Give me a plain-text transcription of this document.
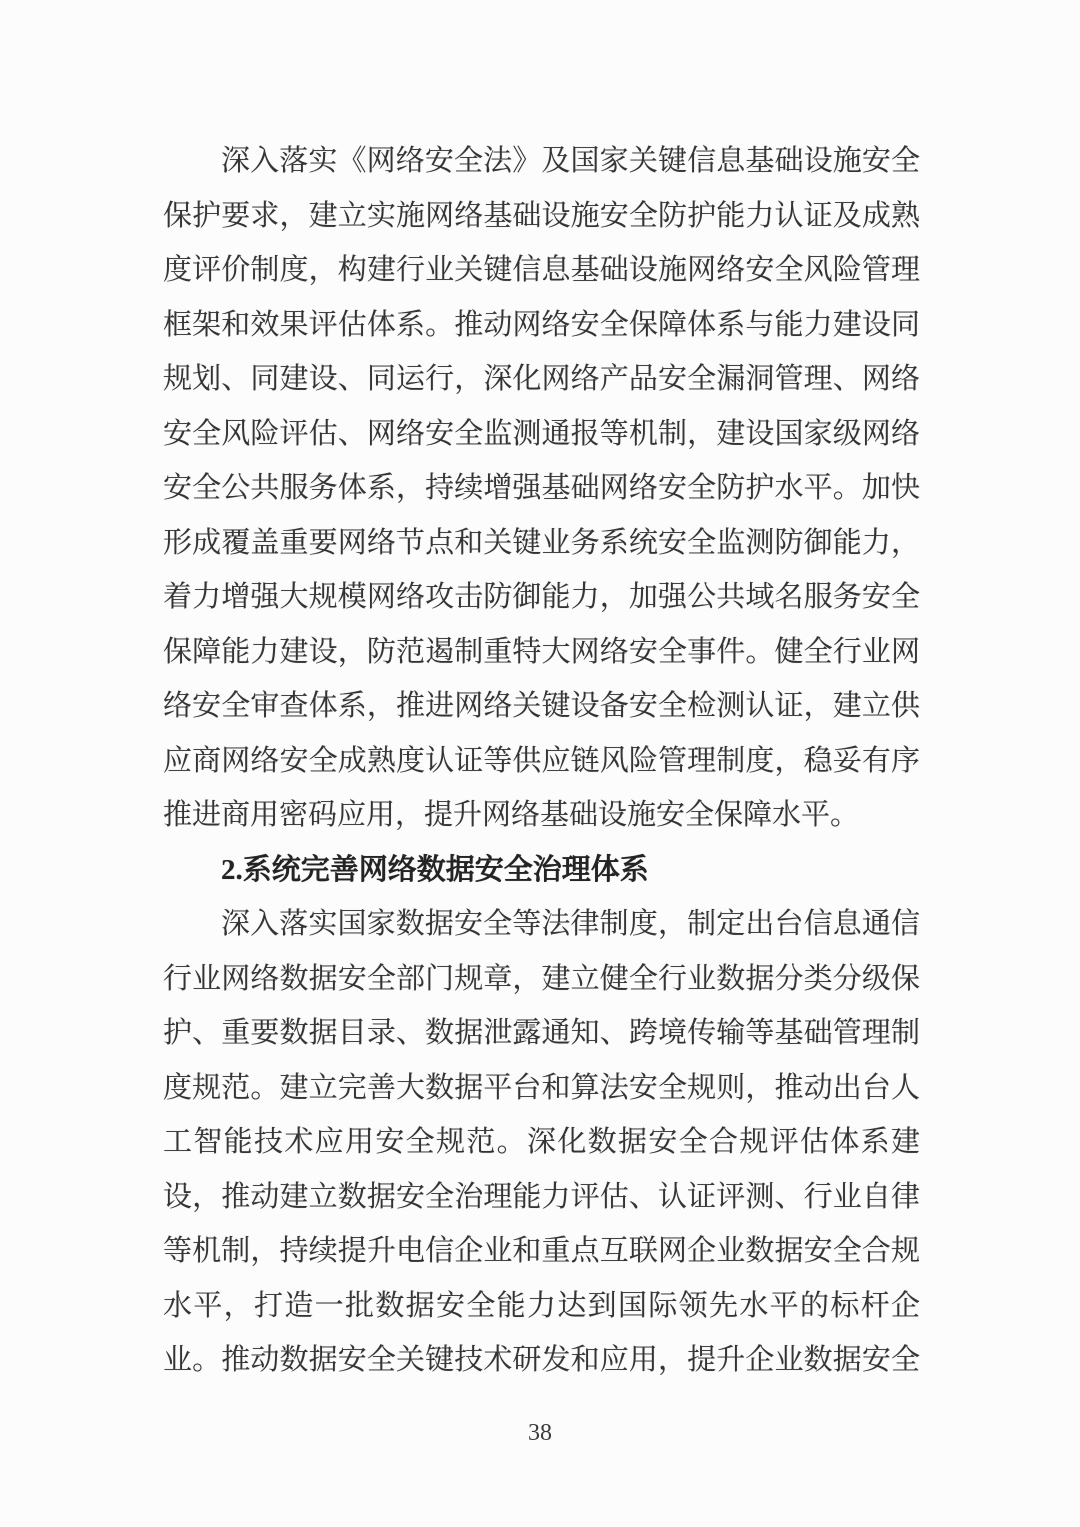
深入落实《网络安全法》及国家关键信息基础设施安全
保护要求，建立实施网络基础设施安全防护能力认证及成熟
度评价制度，构建行业关键信息基础设施网络安全风险管理
框架和效果评估体系。推动网络安全保障体系与能力建设同
规划、同建设、同运行，深化网络产品安全漏洞管理、网络
安全风险评估、网络安全监测通报等机制，建设国家级网络
安全公共服务体系，持续增强基础网络安全防护水平。加快
形成覆盖重要网络节点和关键业务系统安全监测防御能力，
着力增强大规模网络攻击防御能力，加强公共域名服务安全
保障能力建设，防范遏制重特大网络安全事件。健全行业网
络安全审查体系，推进网络关键设备安全检测认证，建立供
应商网络安全成熟度认证等供应链风险管理制度，稳妥有序
推进商用密码应用，提升网络基础设施安全保障水平。
2.系统完善网络数据安全治理体系
深入落实国家数据安全等法律制度，制定出台信息通信
行业网络数据安全部门规章，建立健全行业数据分类分级保
护、重要数据目录、数据泄露通知、跨境传输等基础管理制
度规范。建立完善大数据平台和算法安全规则，推动出台人
工智能技术应用安全规范。深化数据安全合规评估体系建
设，推动建立数据安全治理能力评估、认证评测、行业自律
等机制，持续提升电信企业和重点互联网企业数据安全合规
水平，打造一批数据安全能力达到国际领先水平的标杆企
业。推动数据安全关键技术研发和应用，提升企业数据安全
38
